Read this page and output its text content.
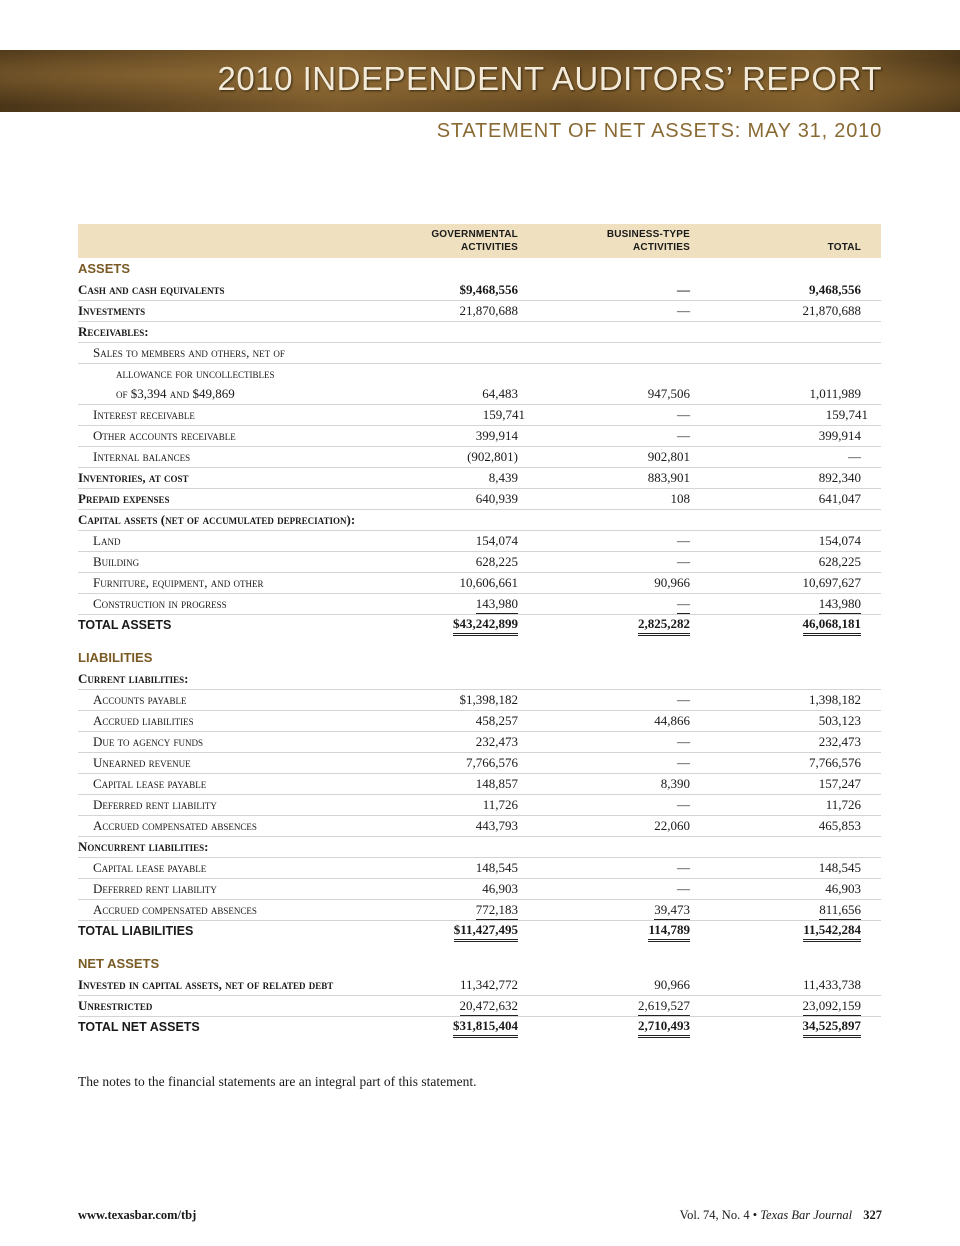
2010 INDEPENDENT AUDITORS’ REPORT
STATEMENT OF NET ASSETS: MAY 31, 2010
GOVERNMENTAL
ACTIVITIES
BUSINESS-TYPE
ACTIVITIES	TOTAL
ASSETS
Cash and cash equivalents	$9,468,556	—	9,468,556
Investments	21,870,688	—	21,870,688
Receivables:
Sales to members and others, net of
allowance for uncollectibles
of $3,394 and $49,869	64,483	947,506	1,011,989
Interest receivable	159,741	—	159,741
Other accounts receivable	399,914	—	399,914
Internal balances	(902,801)	902,801	—
Inventories, at cost	8,439	883,901	892,340
Prepaid expenses	640,939	108	641,047
Capital assets (net of accumulated depreciation):
Land	154,074	—	154,074
Building	628,225	—	628,225
Furniture, equipment, and other	10,606,661	90,966	10,697,627
Construction in progress	143,980	—	143,980
TOTAL ASSETS	$43,242,899	2,825,282	46,068,181
LIABILITIES
Current liabilities:
Accounts payable	$1,398,182	—	1,398,182
Accrued liabilities	458,257	44,866	503,123
Due to agency funds	232,473	—	232,473
Unearned revenue	7,766,576	—	7,766,576
Capital lease payable	148,857	8,390	157,247
Deferred rent liability	11,726	—	11,726
Accrued compensated absences	443,793	22,060	465,853
Noncurrent liabilities:
Capital lease payable	148,545	—	148,545
Deferred rent liability	46,903	—	46,903
Accrued compensated absences	772,183	39,473	811,656
TOTAL LIABILITIES	$11,427,495	114,789	11,542,284
NET ASSETS
Invested in capital assets, net of related debt	11,342,772	90,966	11,433,738
Unrestricted	20,472,632	2,619,527	23,092,159
TOTAL NET ASSETS	$31,815,404	2,710,493	34,525,897
The notes to the financial statements are an integral part of this statement.
www.texasbar.com/tbj	Vol. 74, No. 4 • Texas Bar Journal 327
